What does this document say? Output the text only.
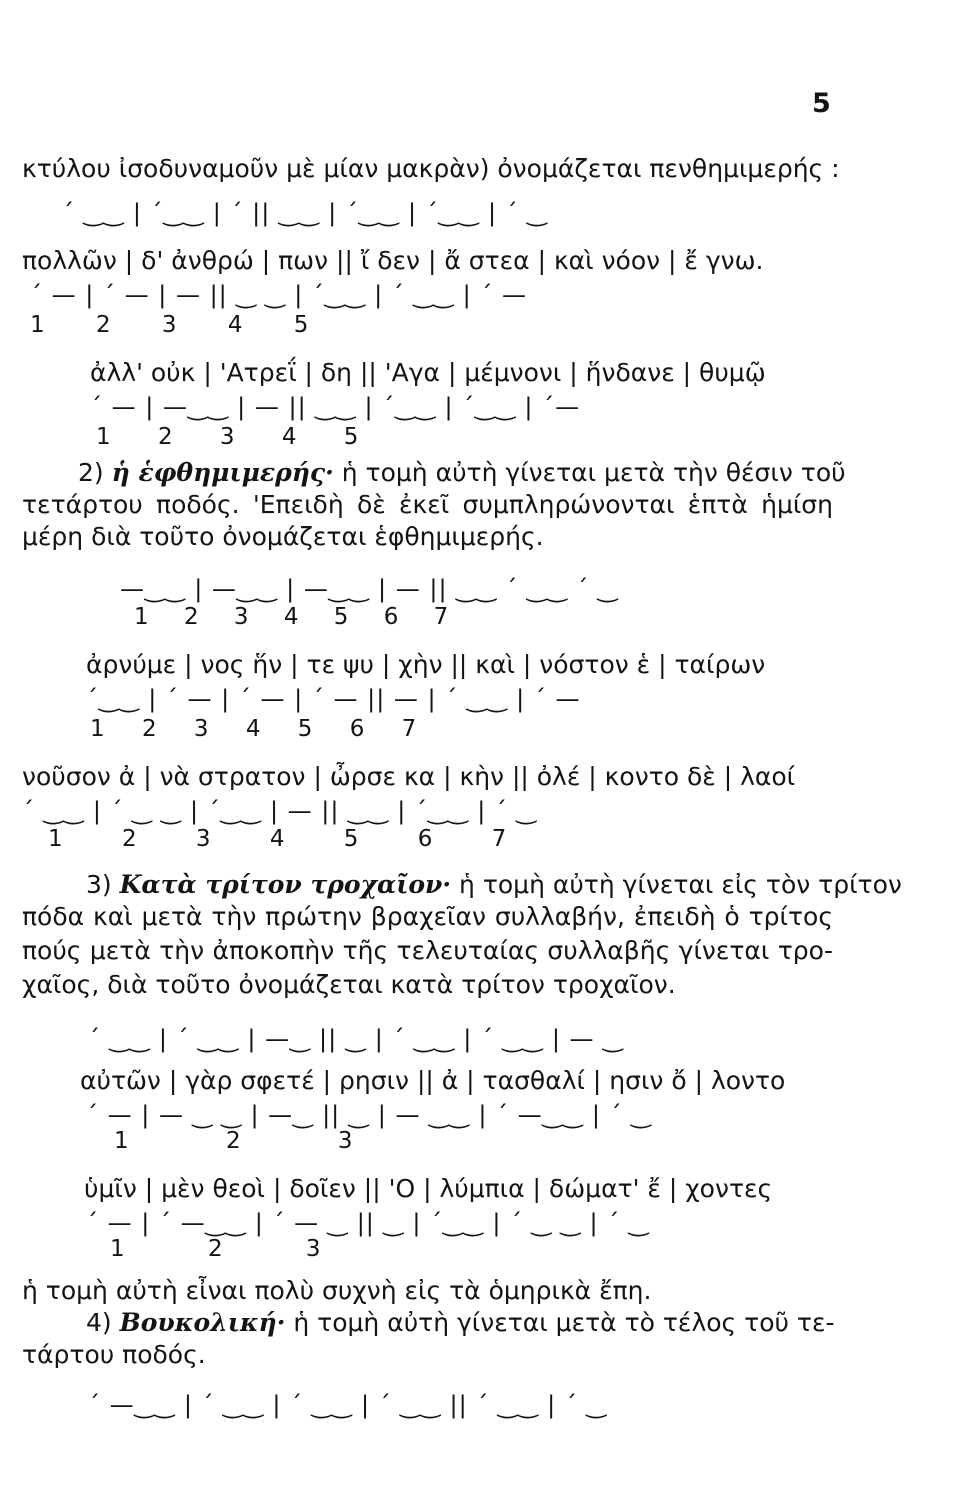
5
κτύλου ἰσοδυναμοῦν μὲ μίαν μακρὰν) ὀνομάζεται πενθημιμερής :
΄ ‿‿ | ΄‿‿ | ΄ || ‿‿ | ΄‿‿ | ΄‿‿ | ΄ ‿
πολλῶν | δ' ἀνθρώ | πων || ἴ δεν | ἄ στεα | καὶ νόον | ἔ γνω.
΄ — | ΄ — | — || ‿ ‿ | ΄‿‿ | ΄ ‿‿ | ΄ —
1 2 3 4 5
ἀλλ' οὐκ | 'Ατρεΐ | δη || 'Αγα | μέμνονι | ἥνδανε | θυμῷ
΄ — | —‿‿ | — || ‿‿ | ΄‿‿ | ΄‿‿ | ΄—
1 2 3 4 5
2) ἡ ἑφθημιμερής· ἡ τομὴ αὐτὴ γίνεται μετὰ τὴν θέσιν τοῦ
τετάρτου ποδός. 'Επειδὴ δὲ ἐκεῖ συμπληρώνονται ἑπτὰ ἡμίση
μέρη διὰ τοῦτο ὀνομάζεται ἑφθημιμερής.
—‿‿ | —‿‿ | —‿‿ | — || ‿‿ ΄ ‿‿ ΄ ‿
1 2 3 4 5 6 7
ἀρνύμε | νος ἥν | τε ψυ | χὴν || καὶ | νόστον ἑ | ταίρων
΄‿‿ | ΄ — | ΄ — | ΄ — || — | ΄ ‿‿ | ΄ —
1 2 3 4 5 6 7
νοῦσον ἀ | νὰ στρατον | ὦρσε κα | κὴν || ὀλέ | κοντο δὲ | λαοί
΄ ‿‿ | ΄ ‿ ‿ | ΄‿‿ | — || ‿‿ | ΄‿‿ | ΄ ‿
1 2 3 4 5 6 7
3) Κατὰ τρίτον τροχαῖον· ἡ τομὴ αὐτὴ γίνεται εἰς τὸν τρίτον
πόδα καὶ μετὰ τὴν πρώτην βραχεῖαν συλλαβήν, ἐπειδὴ ὁ τρίτος
πούς μετὰ τὴν ἀποκοπὴν τῆς τελευταίας συλλαβῆς γίνεται τρο-
χαῖος, διὰ τοῦτο ὀνομάζεται κατὰ τρίτον τροχαῖον.
΄ ‿‿ | ΄ ‿‿ | —‿ || ‿ | ΄ ‿‿ | ΄ ‿‿ | — ‿
αὐτῶν | γὰρ σφετέ | ρησιν || ἀ | τασθαλί | ησιν ὄ | λοντο
΄ — | — ‿ ‿ | —‿ || ‿ | — ‿‿ | ΄ —‿‿ | ΄ ‿
1 2 3
ὑμῖν | μὲν θεοὶ | δοῖεν || 'Ο | λύμπια | δώματ' ἔ | χοντες
΄ — | ΄ —‿‿ | ΄ — ‿ || ‿ | ΄‿‿ | ΄ ‿ ‿ | ΄ ‿
1 2 3
ἡ τομὴ αὐτὴ εἶναι πολὺ συχνὴ εἰς τὰ ὁμηρικὰ ἔπη.
4) Βουκολική· ἡ τομὴ αὐτὴ γίνεται μετὰ τὸ τέλος τοῦ τε-
τάρτου ποδός.
΄ —‿‿ | ΄ ‿‿ | ΄ ‿‿ | ΄ ‿‿ || ΄ ‿‿ | ΄ ‿
